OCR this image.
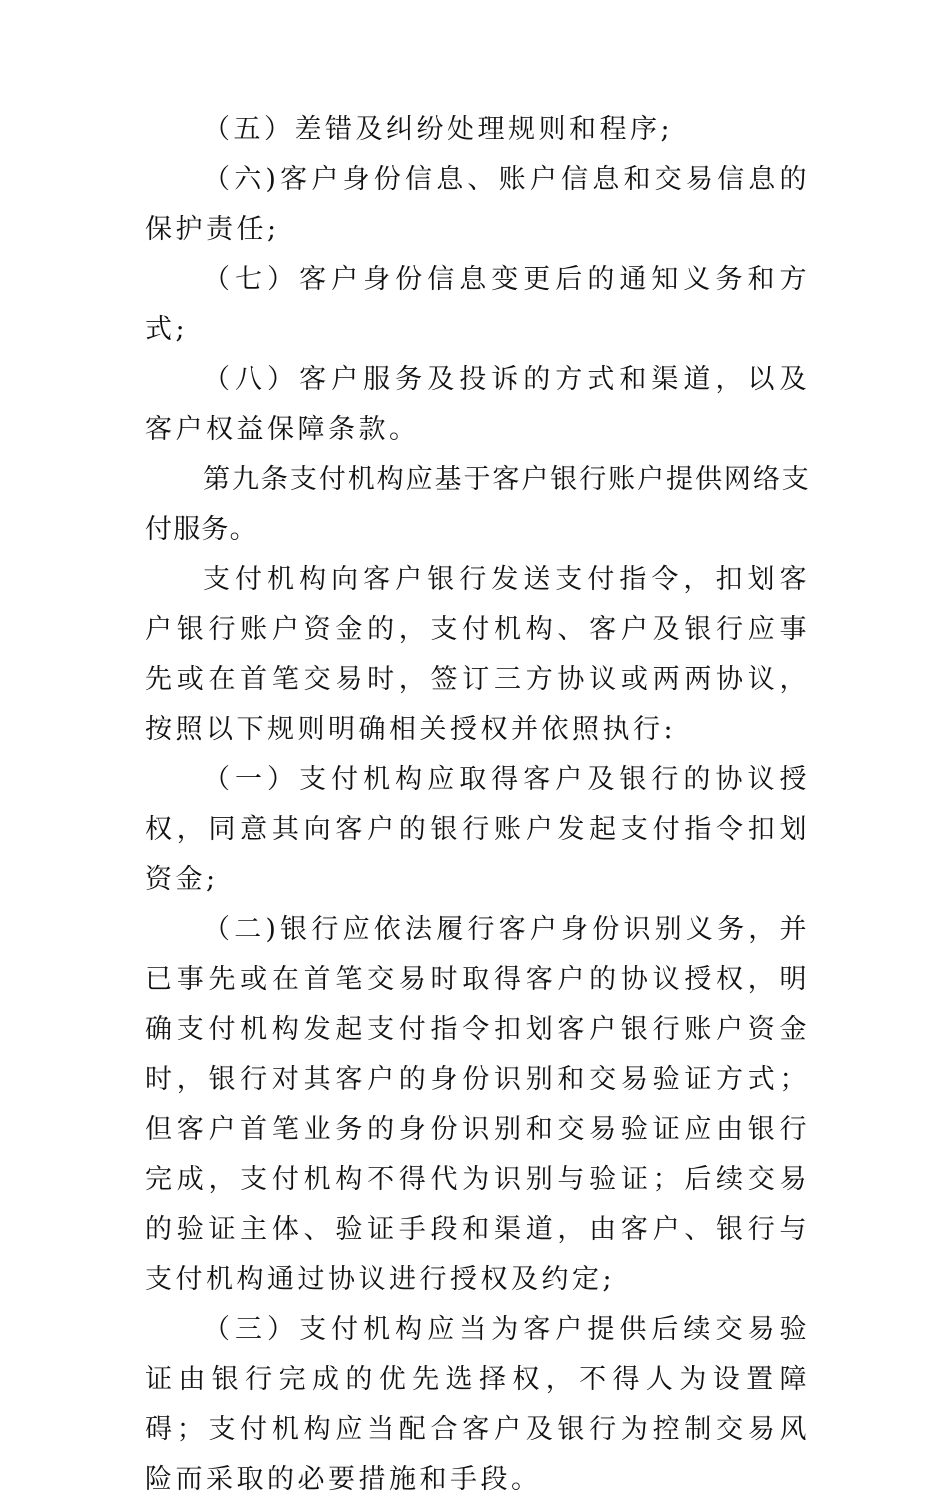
（五）差错及纠纷处理规则和程序;

（六)客户身份信息、账户信息和交易信息的保护责任;

（七）客户身份信息变更后的通知义务和方式;

（八）客户服务及投诉的方式和渠道，以及客户权益保障条款。

第九条支付机构应基于客户银行账户提供网络支付服务。

支付机构向客户银行发送支付指令，扣划客户银行账户资金的，支付机构、客户及银行应事先或在首笔交易时，签订三方协议或两两协议，按照以下规则明确相关授权并依照执行:

（一）支付机构应取得客户及银行的协议授权，同意其向客户的银行账户发起支付指令扣划资金;

（二)银行应依法履行客户身份识别义务，并已事先或在首笔交易时取得客户的协议授权，明确支付机构发起支付指令扣划客户银行账户资金时，银行对其客户的身份识别和交易验证方式；但客户首笔业务的身份识别和交易验证应由银行完成，支付机构不得代为识别与验证；后续交易的验证主体、验证手段和渠道，由客户、银行与支付机构通过协议进行授权及约定;

（三）支付机构应当为客户提供后续交易验证由银行完成的优先选择权，不得人为设置障碍；支付机构应当配合客户及银行为控制交易风险而采取的必要措施和手段。
